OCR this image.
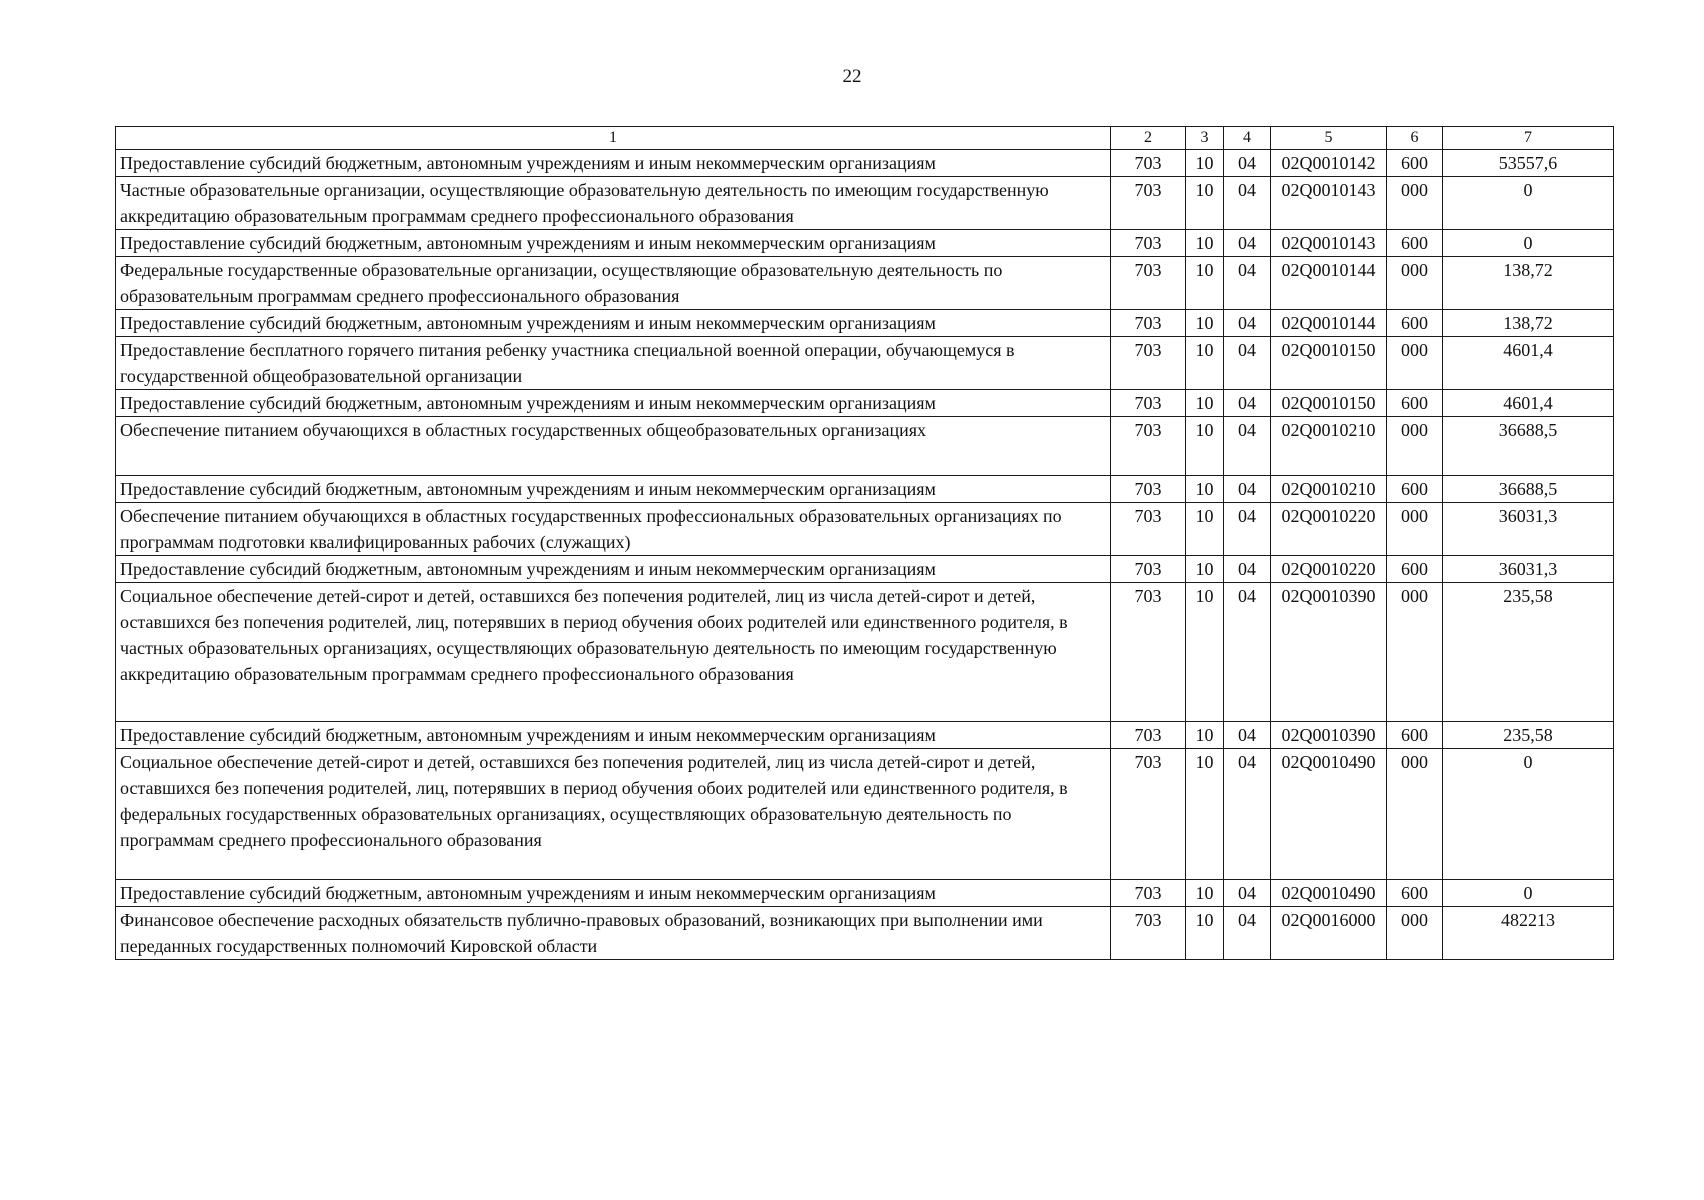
22
1	2	3	4	5	6	7
Предоставление субсидий бюджетным, автономным учреждениям и иным некоммерческим организациям	703	10	04	02Q0010142	600	53557,6
Частные образовательные организации, осуществляющие образовательную деятельность по имеющим государственную аккредитацию образовательным программам среднего профессионального образования	703	10	04	02Q0010143	000	0
Предоставление субсидий бюджетным, автономным учреждениям и иным некоммерческим организациям	703	10	04	02Q0010143	600	0
Федеральные государственные образовательные организации, осуществляющие образовательную деятельность по образовательным программам среднего профессионального образования	703	10	04	02Q0010144	000	138,72
Предоставление субсидий бюджетным, автономным учреждениям и иным некоммерческим организациям	703	10	04	02Q0010144	600	138,72
Предоставление бесплатного горячего питания ребенку участника специальной военной операции, обучающемуся в государственной общеобразовательной организации	703	10	04	02Q0010150	000	4601,4
Предоставление субсидий бюджетным, автономным учреждениям и иным некоммерческим организациям	703	10	04	02Q0010150	600	4601,4
Обеспечение питанием обучающихся в областных государственных общеобразовательных организациях	703	10	04	02Q0010210	000	36688,5
Предоставление субсидий бюджетным, автономным учреждениям и иным некоммерческим организациям	703	10	04	02Q0010210	600	36688,5
Обеспечение питанием обучающихся в областных государственных профессиональных образовательных организациях по программам подготовки квалифицированных рабочих (служащих)	703	10	04	02Q0010220	000	36031,3
Предоставление субсидий бюджетным, автономным учреждениям и иным некоммерческим организациям	703	10	04	02Q0010220	600	36031,3
Социальное обеспечение детей-сирот и детей, оставшихся без попечения родителей, лиц из числа детей-сирот и детей, оставшихся без попечения родителей, лиц, потерявших в период обучения обоих родителей или единственного родителя, в частных образовательных организациях, осуществляющих образовательную деятельность по имеющим государственную аккредитацию образовательным программам среднего профессионального образования	703	10	04	02Q0010390	000	235,58
Предоставление субсидий бюджетным, автономным учреждениям и иным некоммерческим организациям	703	10	04	02Q0010390	600	235,58
Социальное обеспечение детей-сирот и детей, оставшихся без попечения родителей, лиц из числа детей-сирот и детей, оставшихся без попечения родителей, лиц, потерявших в период обучения обоих родителей или единственного родителя, в федеральных государственных образовательных организациях, осуществляющих образовательную деятельность по программам среднего профессионального образования	703	10	04	02Q0010490	000	0
Предоставление субсидий бюджетным, автономным учреждениям и иным некоммерческим организациям	703	10	04	02Q0010490	600	0
Финансовое обеспечение расходных обязательств публично-правовых образований, возникающих при выполнении ими переданных государственных полномочий Кировской области	703	10	04	02Q0016000	000	482213
